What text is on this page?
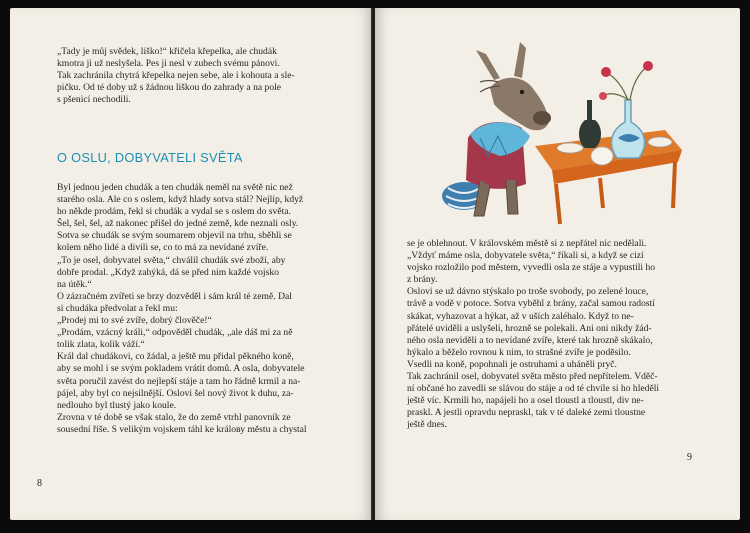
„Tady je můj svědek, liško!“ křičela křepelka, ale chudák
kmotra ji už neslyšela. Pes ji nesl v zubech svému pánovi.
Tak zachránila chytrá křepelka nejen sebe, ale i kohouta a sle-
pičku. Od té doby už s žádnou liškou do zahrady a na pole
s pšenicí nechodili.
O OSLU, DOBYVATELI SVĚTA
Byl jednou jeden chudák a ten chudák neměl na světě nic než
starého osla. Ale co s oslem, když hlady sotva stál? Nejlíp, když
ho někde prodám, řekl si chudák a vydal se s oslem do světa.
Šel, šel, šel, až nakonec přišel do jedné země, kde neznali osly.
Sotva se chudák se svým soumarem objevil na trhu, sběhli se
kolem něho lidé a divili se, co to má za nevídané zvíře.
„To je osel, dobyvatel světa,“ chválil chudák své zboží, aby
dobře prodal. „Když zahýká, dá se před ním každé vojsko
na útěk.“
O zázračném zvířeti se brzy dozvěděl i sám král té země. Dal
si chudáka předvolat a řekl mu:
„Prodej mi to své zvíře, dobrý člověče!“
„Prodám, vzácný králi,“ odpověděl chudák, „ale dáš mi za ně
tolik zlata, kolik váží.“
Král dal chudákovi, co žádal, a ještě mu přidal pěkného koně,
aby se mohl i se svým pokladem vrátit domů. A osla, dobyvatele
světa poručil zavést do nejlepší stáje a tam ho řádně krmil a na-
pájel, aby byl co nejsilnější. Oslovi šel nový život k duhu, za-
nedlouho byl tlustý jako koule.
Zrovna v té době se však stalo, že do země vtrhl panovník ze
sousední říše. S velikým vojskem táhl ke králову městu a chystal
8
se je oblehnout. V královském městě si z nepřátel nic nedělali.
„Vždyť máme osla, dobyvatele světa,“ říkali si, a když se cizí
vojsko rozložilo pod městem, vyvedli osla ze stáje a vypustili ho
z brány.
Oslovi se už dávno stýskalo po troše svobody, po zelené louce,
trávě a vodě v potoce. Sotva vyběhl z brány, začal samou radostí
skákat, vyhazovat a hýkat, až v uších zaléhalo. Když to ne-
přátelé uviděli a uslyšeli, hrozně se polekali. Ani oni nikdy žád-
ného osla neviděli a to nevídané zvíře, které tak hrozně skákalo,
hýkalo a běželo rovnou k nim, to strašné zvíře je poděsilo.
Vsedli na koně, popohnali je ostruhami a uháněli pryč.
Tak zachránil osel, dobyvatel světa město před nepřítelem. Vděč-
ní občané ho zavedli se slávou do stáje a od té chvíle si ho hleděli
ještě víc. Krmili ho, napájeli ho a osel tloustl a tloustl, div ne-
praskl. A jestli opravdu nepraskl, tak v té daleké zemi tloustne
ještě dnes.
9
